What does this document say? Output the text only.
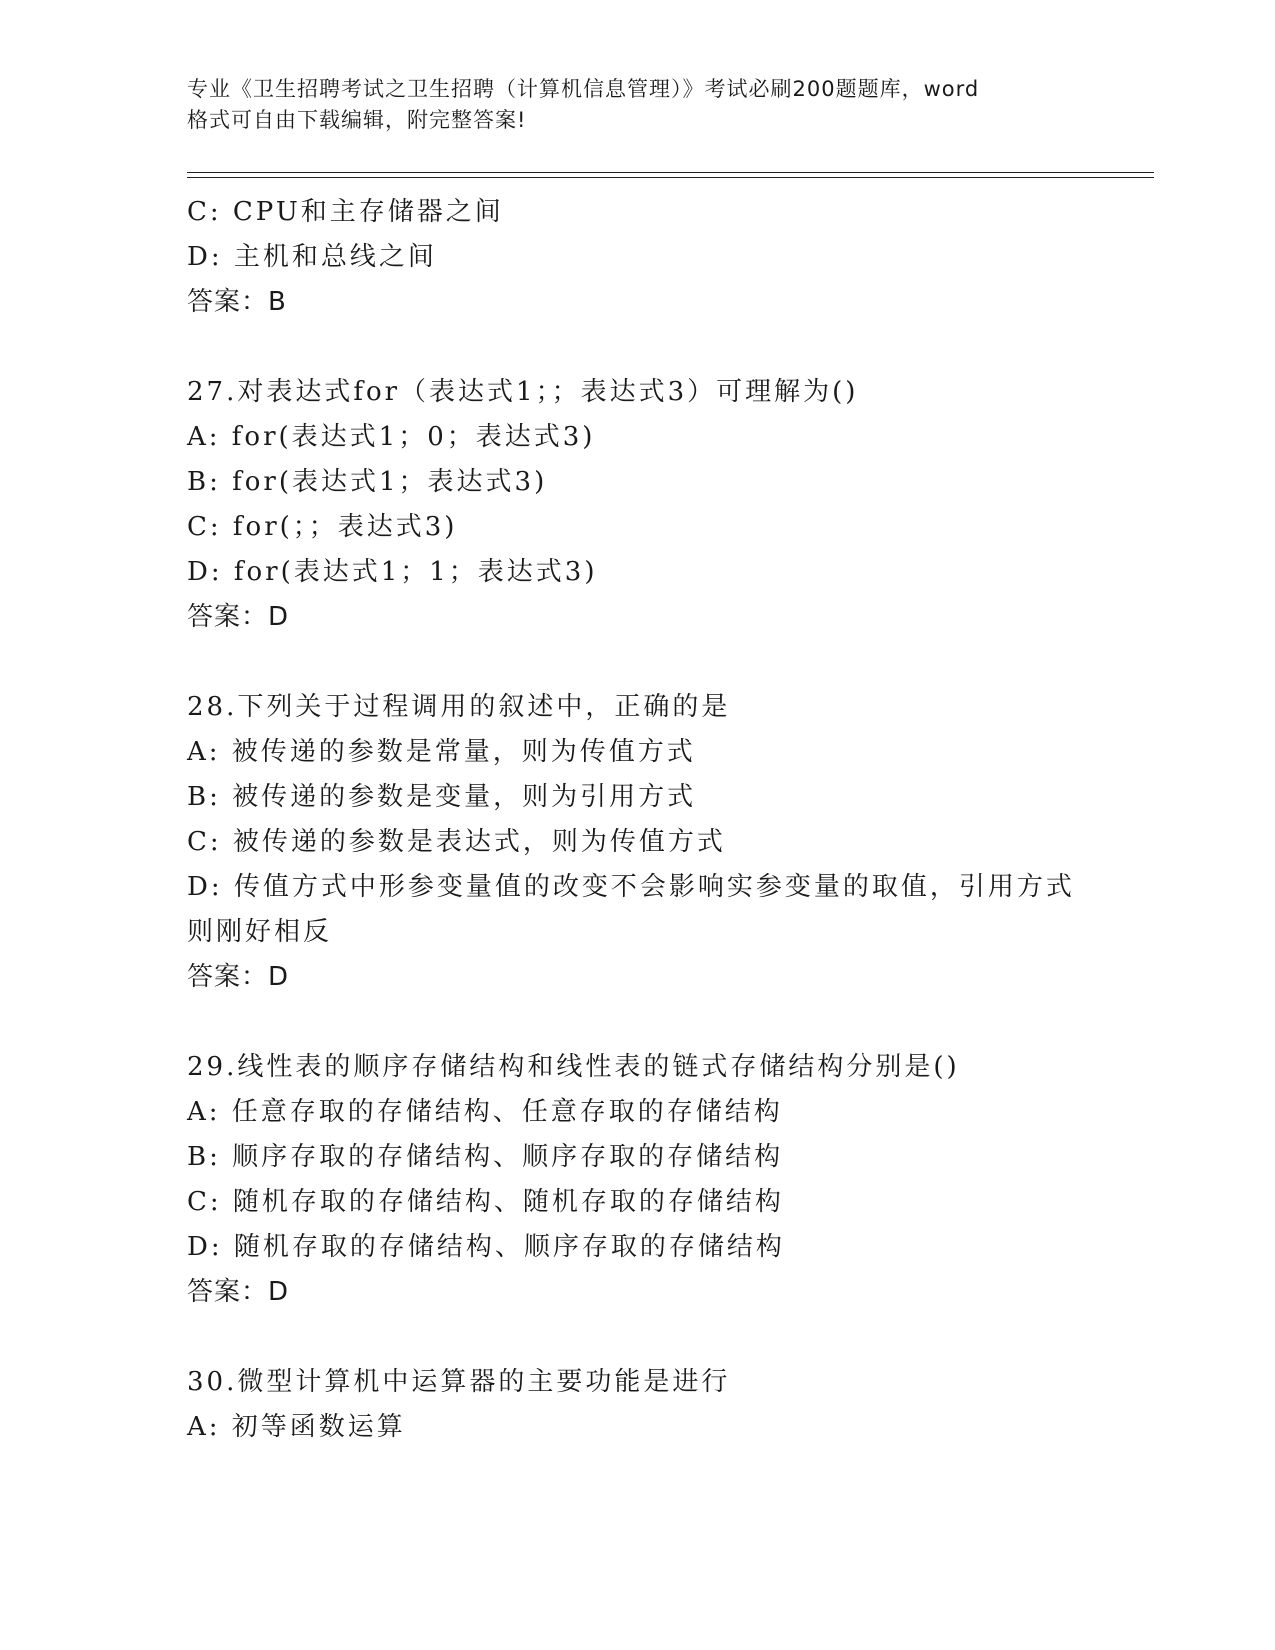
专业《卫生招聘考试之卫生招聘（计算机信息管理）》考试必刷200题题库，word
格式可自由下载编辑，附完整答案!
C: CPU和主存储器之间
D: 主机和总线之间
答案：B
27.对表达式for（表达式1；；表达式3）可理解为()
A: for(表达式1；0；表达式3)
B: for(表达式1；表达式3)
C: for(；；表达式3)
D: for(表达式1；1；表达式3)
答案：D
28.下列关于过程调用的叙述中，正确的是
A: 被传递的参数是常量，则为传值方式
B: 被传递的参数是变量，则为引用方式
C: 被传递的参数是表达式，则为传值方式
D: 传值方式中形参变量值的改变不会影响实参变量的取值，引用方式
则刚好相反
答案：D
29.线性表的顺序存储结构和线性表的链式存储结构分别是()
A: 任意存取的存储结构、任意存取的存储结构
B: 顺序存取的存储结构、顺序存取的存储结构
C: 随机存取的存储结构、随机存取的存储结构
D: 随机存取的存储结构、顺序存取的存储结构
答案：D
30.微型计算机中运算器的主要功能是进行
A: 初等函数运算
